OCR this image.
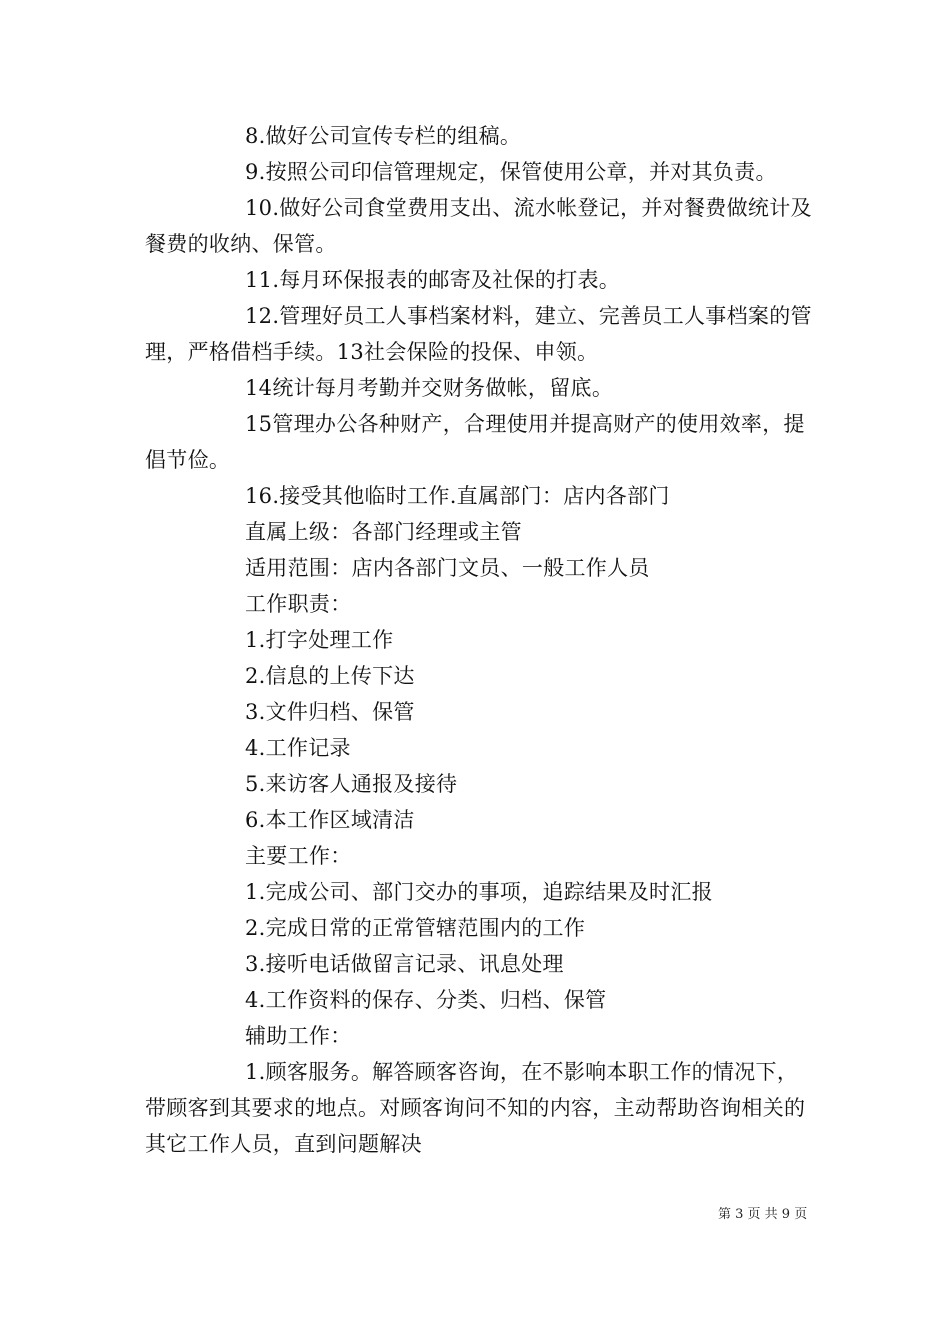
8.做好公司宣传专栏的组稿。

9.按照公司印信管理规定，保管使用公章，并对其负责。

10.做好公司食堂费用支出、流水帐登记，并对餐费做统计及餐费的收纳、保管。

11.每月环保报表的邮寄及社保的打表。

12.管理好员工人事档案材料，建立、完善员工人事档案的管理，严格借档手续。13社会保险的投保、申领。

14统计每月考勤并交财务做帐，留底。

15管理办公各种财产，合理使用并提高财产的使用效率，提倡节俭。

16.接受其他临时工作.直属部门：店内各部门

直属上级：各部门经理或主管

适用范围：店内各部门文员、一般工作人员

工作职责：

1.打字处理工作

2.信息的上传下达

3.文件归档、保管

4.工作记录

5.来访客人通报及接待

6.本工作区域清洁

主要工作：

1.完成公司、部门交办的事项，追踪结果及时汇报

2.完成日常的正常管辖范围内的工作

3.接听电话做留言记录、讯息处理

4.工作资料的保存、分类、归档、保管

辅助工作：

1.顾客服务。解答顾客咨询，在不影响本职工作的情况下，带顾客到其要求的地点。对顾客询问不知的内容，主动帮助咨询相关的其它工作人员，直到问题解决

第 3 页 共 9 页
